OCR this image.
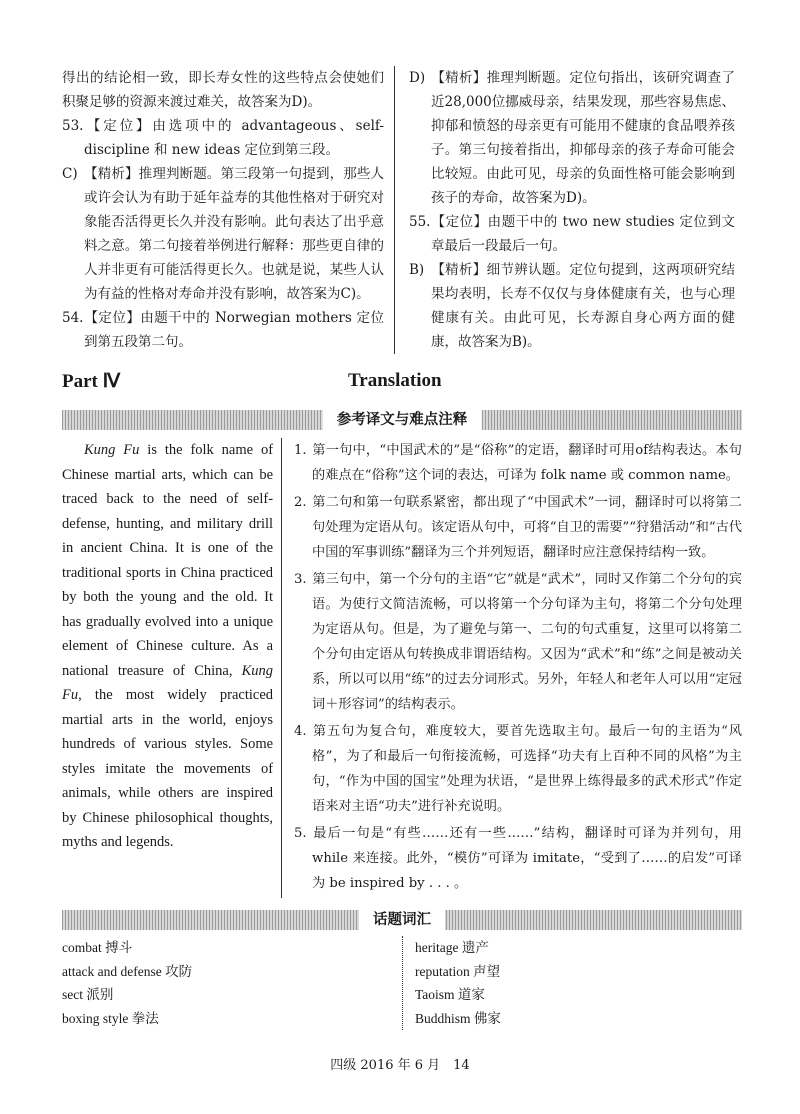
得出的结论相一致，即长寿女性的这些特点会使她们积聚足够的资源来渡过难关，故答案为D)。

53.【定位】由选项中的 advantageous、self-discipline 和 new ideas 定位到第三段。

C) 【精析】推理判断题。第三段第一句提到，那些人或许会认为有助于延年益寿的其他性格对于研究对象能否活得更长久并没有影响。此句表达了出乎意料之意。第二句接着举例进行解释：那些更自律的人并非更有可能活得更长久。也就是说，某些人认为有益的性格对寿命并没有影响，故答案为C)。

54.【定位】由题干中的 Norwegian mothers 定位到第五段第二句。

D) 【精析】推理判断题。定位句指出，该研究调查了近28,000位挪威母亲，结果发现，那些容易焦虑、抑郁和愤怒的母亲更有可能用不健康的食品喂养孩子。第三句接着指出，抑郁母亲的孩子寿命可能会比较短。由此可见，母亲的负面性格可能会影响到孩子的寿命，故答案为D)。

55.【定位】由题干中的 two new studies 定位到文章最后一段最后一句。

B) 【精析】细节辨认题。定位句提到，这两项研究结果均表明，长寿不仅仅与身体健康有关，也与心理健康有关。由此可见，长寿源自身心两方面的健康，故答案为B)。

Part Ⅳ	Translation
参考译文与难点注释

Kung Fu is the folk name of Chinese martial arts, which can be traced back to the need of self-defense, hunting, and military drill in ancient China. It is one of the traditional sports in China practiced by both the young and the old. It has gradually evolved into a unique element of Chinese culture. As a national treasure of China, Kung Fu, the most widely practiced martial arts in the world, enjoys hundreds of various styles. Some styles imitate the movements of animals, while others are inspired by Chinese philosophical thoughts, myths and legends.

1. 第一句中，“中国武术的”是“俗称”的定语，翻译时可用of结构表达。本句的难点在“俗称”这个词的表达，可译为 folk name 或 common name。

2. 第二句和第一句联系紧密，都出现了“中国武术”一词，翻译时可以将第二句处理为定语从句。该定语从句中，可将“自卫的需要”“狩猎活动”和“古代中国的军事训练”翻译为三个并列短语，翻译时应注意保持结构一致。

3. 第三句中，第一个分句的主语“它”就是“武术”，同时又作第二个分句的宾语。为使行文简洁流畅，可以将第一个分句译为主句，将第二个分句处理为定语从句。但是，为了避免与第一、二句的句式重复，这里可以将第二个分句由定语从句转换成非谓语结构。又因为“武术”和“练”之间是被动关系，所以可以用“练”的过去分词形式。另外，年轻人和老年人可以用“定冠词＋形容词”的结构表示。

4. 第五句为复合句，难度较大，要首先选取主句。最后一句的主语为“风格”，为了和最后一句衔接流畅，可选择“功夫有上百种不同的风格”为主句，“作为中国的国宝”处理为状语，“是世界上练得最多的武术形式”作定语来对主语“功夫”进行补充说明。

5. 最后一句是“有些……还有一些……”结构，翻译时可译为并列句，用 while 来连接。此外，“模仿”可译为 imitate，“受到了……的启发”可译为 be inspired by . . . 。

话题词汇
combat 搏斗
attack and defense 攻防
sect 派别
boxing style 拳法
heritage 遗产
reputation 声望
Taoism 道家
Buddhism 佛家
四级 2016 年 6 月　14
